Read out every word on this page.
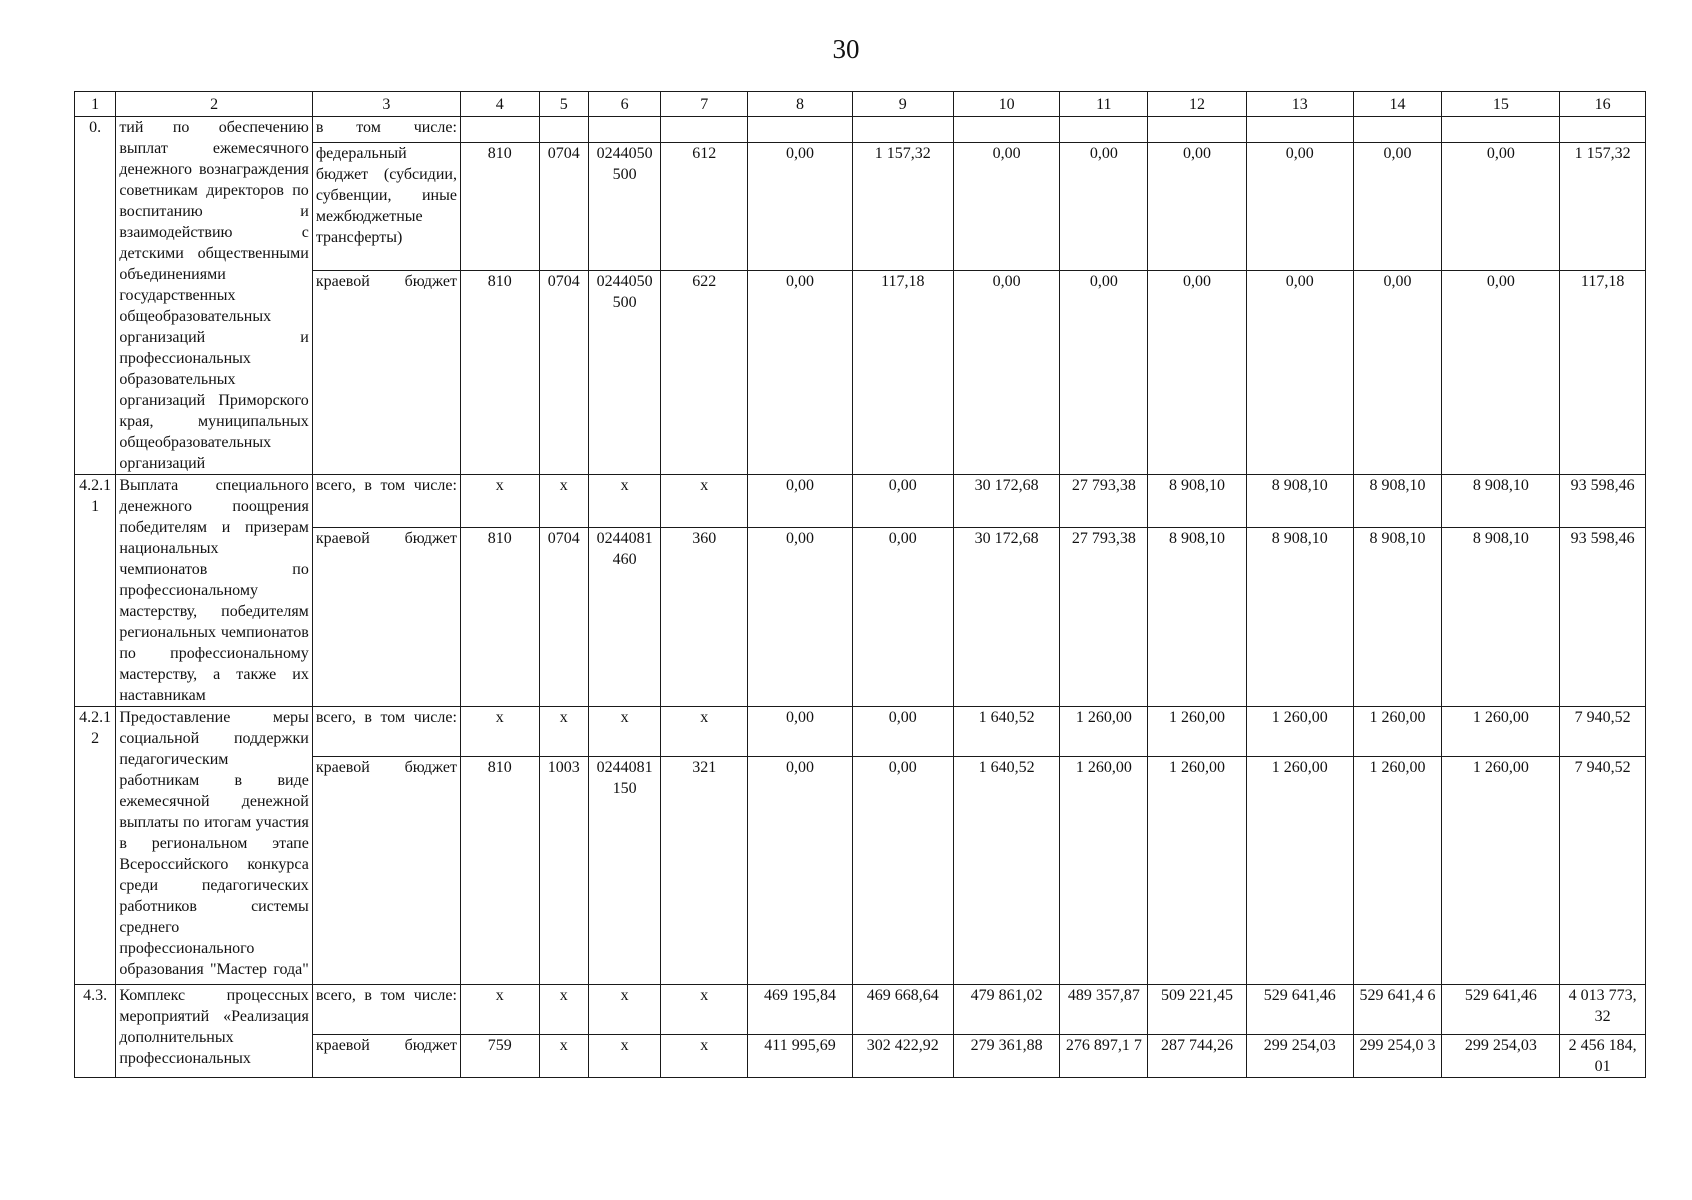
30
1	2	3	4	5	6	7	8	9	10	11	12	13	14	15	16
0.	тий по обеспечению выплат ежемесячного денежного вознаграждения советникам директоров по воспитанию и взаимодействию с детскими общественными объединениями государственных общеобразовательных организаций и профессиональных образовательных организаций Приморского края, муниципальных общеобразовательных организаций	в том числе:													
		федеральный бюджет (субсидии, субвенции, иные межбюджетные трансферты)	810	0704	0244050 500	612	0,00	1 157,32	0,00	0,00	0,00	0,00	0,00	0,00	1 157,32
		краевой бюджет	810	0704	0244050 500	622	0,00	117,18	0,00	0,00	0,00	0,00	0,00	0,00	117,18
4.2.1 1	Выплата специального денежного поощрения победителям и призерам национальных чемпионатов по профессиональному мастерству, победителям региональных чемпионатов по профессиональному мастерству, а также их наставникам	всего, в том числе:	x	x	x	x	0,00	0,00	30 172,68	27 793,38	8 908,10	8 908,10	8 908,10	8 908,10	93 598,46
		краевой бюджет	810	0704	0244081 460	360	0,00	0,00	30 172,68	27 793,38	8 908,10	8 908,10	8 908,10	8 908,10	93 598,46
4.2.1 2	Предоставление меры социальной поддержки педагогическим работникам в виде ежемесячной денежной выплаты по итогам участия в региональном этапе Всероссийского конкурса среди педагогических работников системы среднего профессионального образования "Мастер года"	всего, в том числе:	x	x	x	x	0,00	0,00	1 640,52	1 260,00	1 260,00	1 260,00	1 260,00	1 260,00	7 940,52
		краевой бюджет	810	1003	0244081 150	321	0,00	0,00	1 640,52	1 260,00	1 260,00	1 260,00	1 260,00	1 260,00	7 940,52
4.3.	Комплекс процессных мероприятий «Реализация дополнительных профессиональных	всего, в том числе:	x	x	x	x	469 195,84	469 668,64	479 861,02	489 357,87	509 221,45	529 641,46	529 641,4 6	529 641,46	4 013 773, 32
		краевой бюджет	759	x	x	x	411 995,69	302 422,92	279 361,88	276 897,1 7	287 744,26	299 254,03	299 254,0 3	299 254,03	2 456 184, 01
